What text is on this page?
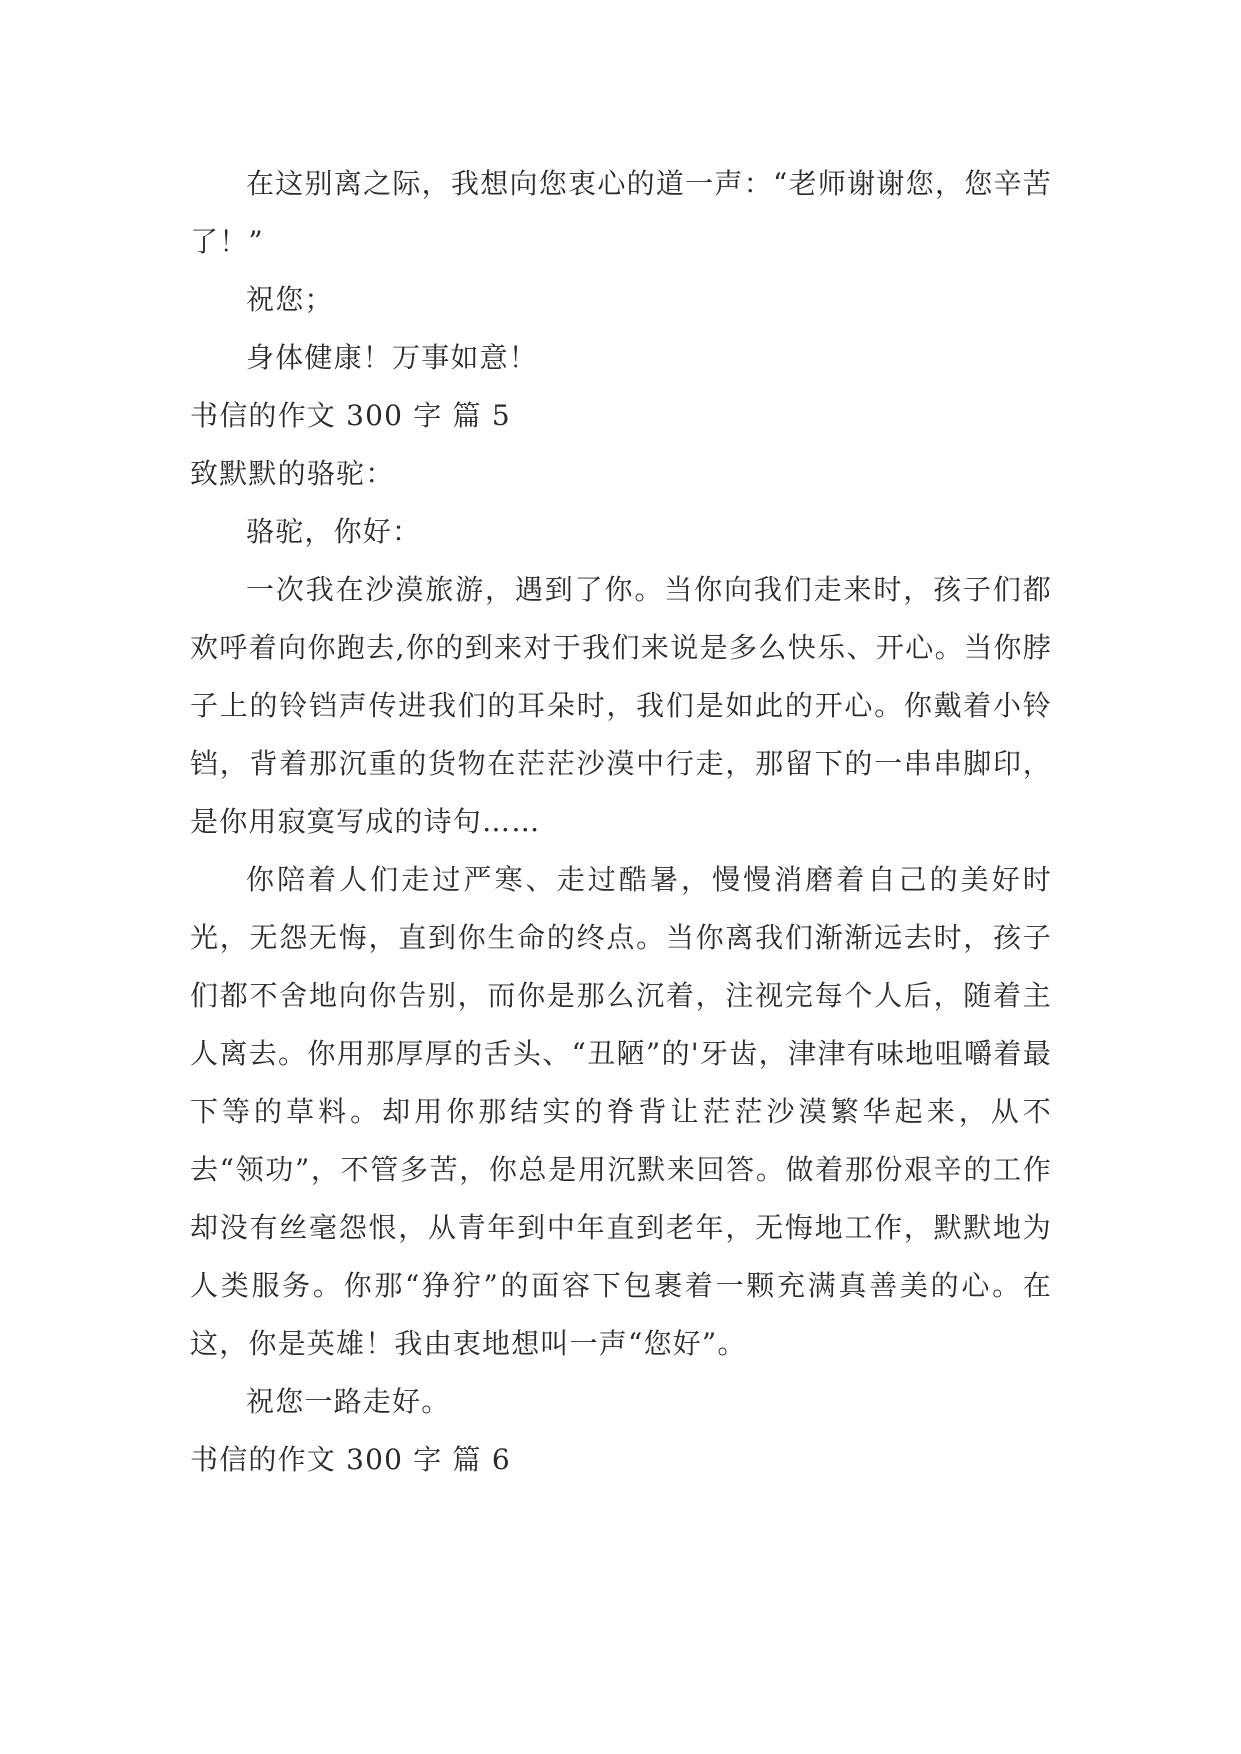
在这别离之际，我想向您衷心的道一声：“老师谢谢您，您辛苦了！”

祝您；

身体健康！万事如意！

书信的作文 300 字 篇 5

致默默的骆驼：

骆驼，你好：

一次我在沙漠旅游，遇到了你。当你向我们走来时，孩子们都欢呼着向你跑去,你的到来对于我们来说是多么快乐、开心。当你脖子上的铃铛声传进我们的耳朵时，我们是如此的开心。你戴着小铃铛，背着那沉重的货物在茫茫沙漠中行走，那留下的一串串脚印，是你用寂寞写成的诗句……

你陪着人们走过严寒、走过酷暑，慢慢消磨着自己的美好时光，无怨无悔，直到你生命的终点。当你离我们渐渐远去时，孩子们都不舍地向你告别，而你是那么沉着，注视完每个人后，随着主人离去。你用那厚厚的舌头、“丑陋”的'牙齿，津津有味地咀嚼着最下等的草料。却用你那结实的脊背让茫茫沙漠繁华起来，从不去“领功”，不管多苦，你总是用沉默来回答。做着那份艰辛的工作却没有丝毫怨恨，从青年到中年直到老年，无悔地工作，默默地为人类服务。你那“狰狞”的面容下包裹着一颗充满真善美的心。在这，你是英雄！我由衷地想叫一声“您好”。

祝您一路走好。

书信的作文 300 字 篇 6
